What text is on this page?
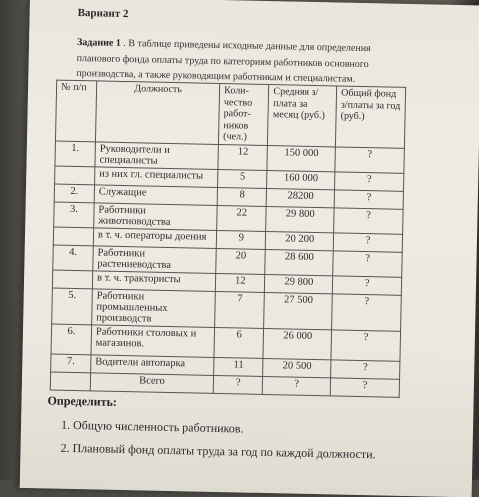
Вариант 2
Задание 1 . В таблице приведены исходные данные для определения планового фонда оплаты труда по категориям работников основного производства, а также руководящим работникам и специалистам.
№ п/п	Должность	Коли-чество работ-ников (чел.)	Средняя з/плата за месяц (руб.)	Общий фонд з/платы за год (руб.)
1.	Руководители и специалисты	12	150 000	?
	из них гл. специалисты	5	160 000	?
2.	Служащие	8	28200	?
3.	Работники животноводства	22	29 800	?
	в т. ч. операторы доения	9	20 200	?
4.	Работники растениеводства	20	28 600	?
	в т. ч. трактористы	12	29 800	?
5.	Работники промышленных производств	7	27 500	?
6.	Работники столовых и магазинов.	6	26 000	?
7.	Водители автопарка	11	20 500	?
	Всего	?	?	?
Определить:
1. Общую численность работников.
2. Плановый фонд оплаты труда за год по каждой должности.
